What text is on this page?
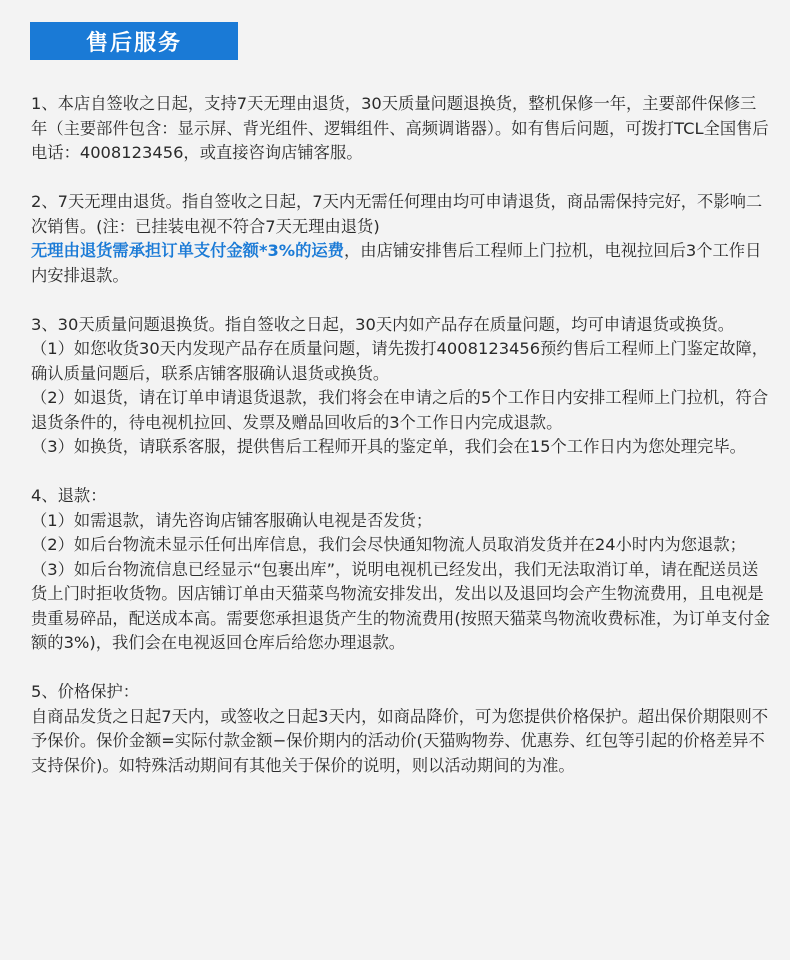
售后服务

1、本店自签收之日起，支持7天无理由退货，30天质量问题退换货，整机保修一年，主要部件保修三年（主要部件包含：显示屏、背光组件、逻辑组件、高频调谐器）。如有售后问题，可拨打TCL全国售后电话：4008123456，或直接咨询店铺客服。

2、7天无理由退货。指自签收之日起，7天内无需任何理由均可申请退货，商品需保持完好，不影响二次销售。(注：已挂装电视不符合7天无理由退货)

无理由退货需承担订单支付金额*3%的运费，由店铺安排售后工程师上门拉机，电视拉回后3个工作日内安排退款。

3、30天质量问题退换货。指自签收之日起，30天内如产品存在质量问题，均可申请退货或换货。

（1）如您收货30天内发现产品存在质量问题，请先拨打4008123456预约售后工程师上门鉴定故障，确认质量问题后，联系店铺客服确认退货或换货。

（2）如退货，请在订单申请退货退款，我们将会在申请之后的5个工作日内安排工程师上门拉机，符合退货条件的，待电视机拉回、发票及赠品回收后的3个工作日内完成退款。

（3）如换货，请联系客服，提供售后工程师开具的鉴定单，我们会在15个工作日内为您处理完毕。

4、退款：

（1）如需退款，请先咨询店铺客服确认电视是否发货；

（2）如后台物流未显示任何出库信息，我们会尽快通知物流人员取消发货并在24小时内为您退款；

（3）如后台物流信息已经显示“包裹出库”，说明电视机已经发出，我们无法取消订单，请在配送员送货上门时拒收货物。因店铺订单由天猫菜鸟物流安排发出，发出以及退回均会产生物流费用，且电视是贵重易碎品，配送成本高。需要您承担退货产生的物流费用(按照天猫菜鸟物流收费标准，为订单支付金额的3%)，我们会在电视返回仓库后给您办理退款。

5、价格保护：

自商品发货之日起7天内，或签收之日起3天内，如商品降价，可为您提供价格保护。超出保价期限则不予保价。保价金额=实际付款金额−保价期内的活动价(天猫购物券、优惠券、红包等引起的价格差异不支持保价)。如特殊活动期间有其他关于保价的说明，则以活动期间的为准。
